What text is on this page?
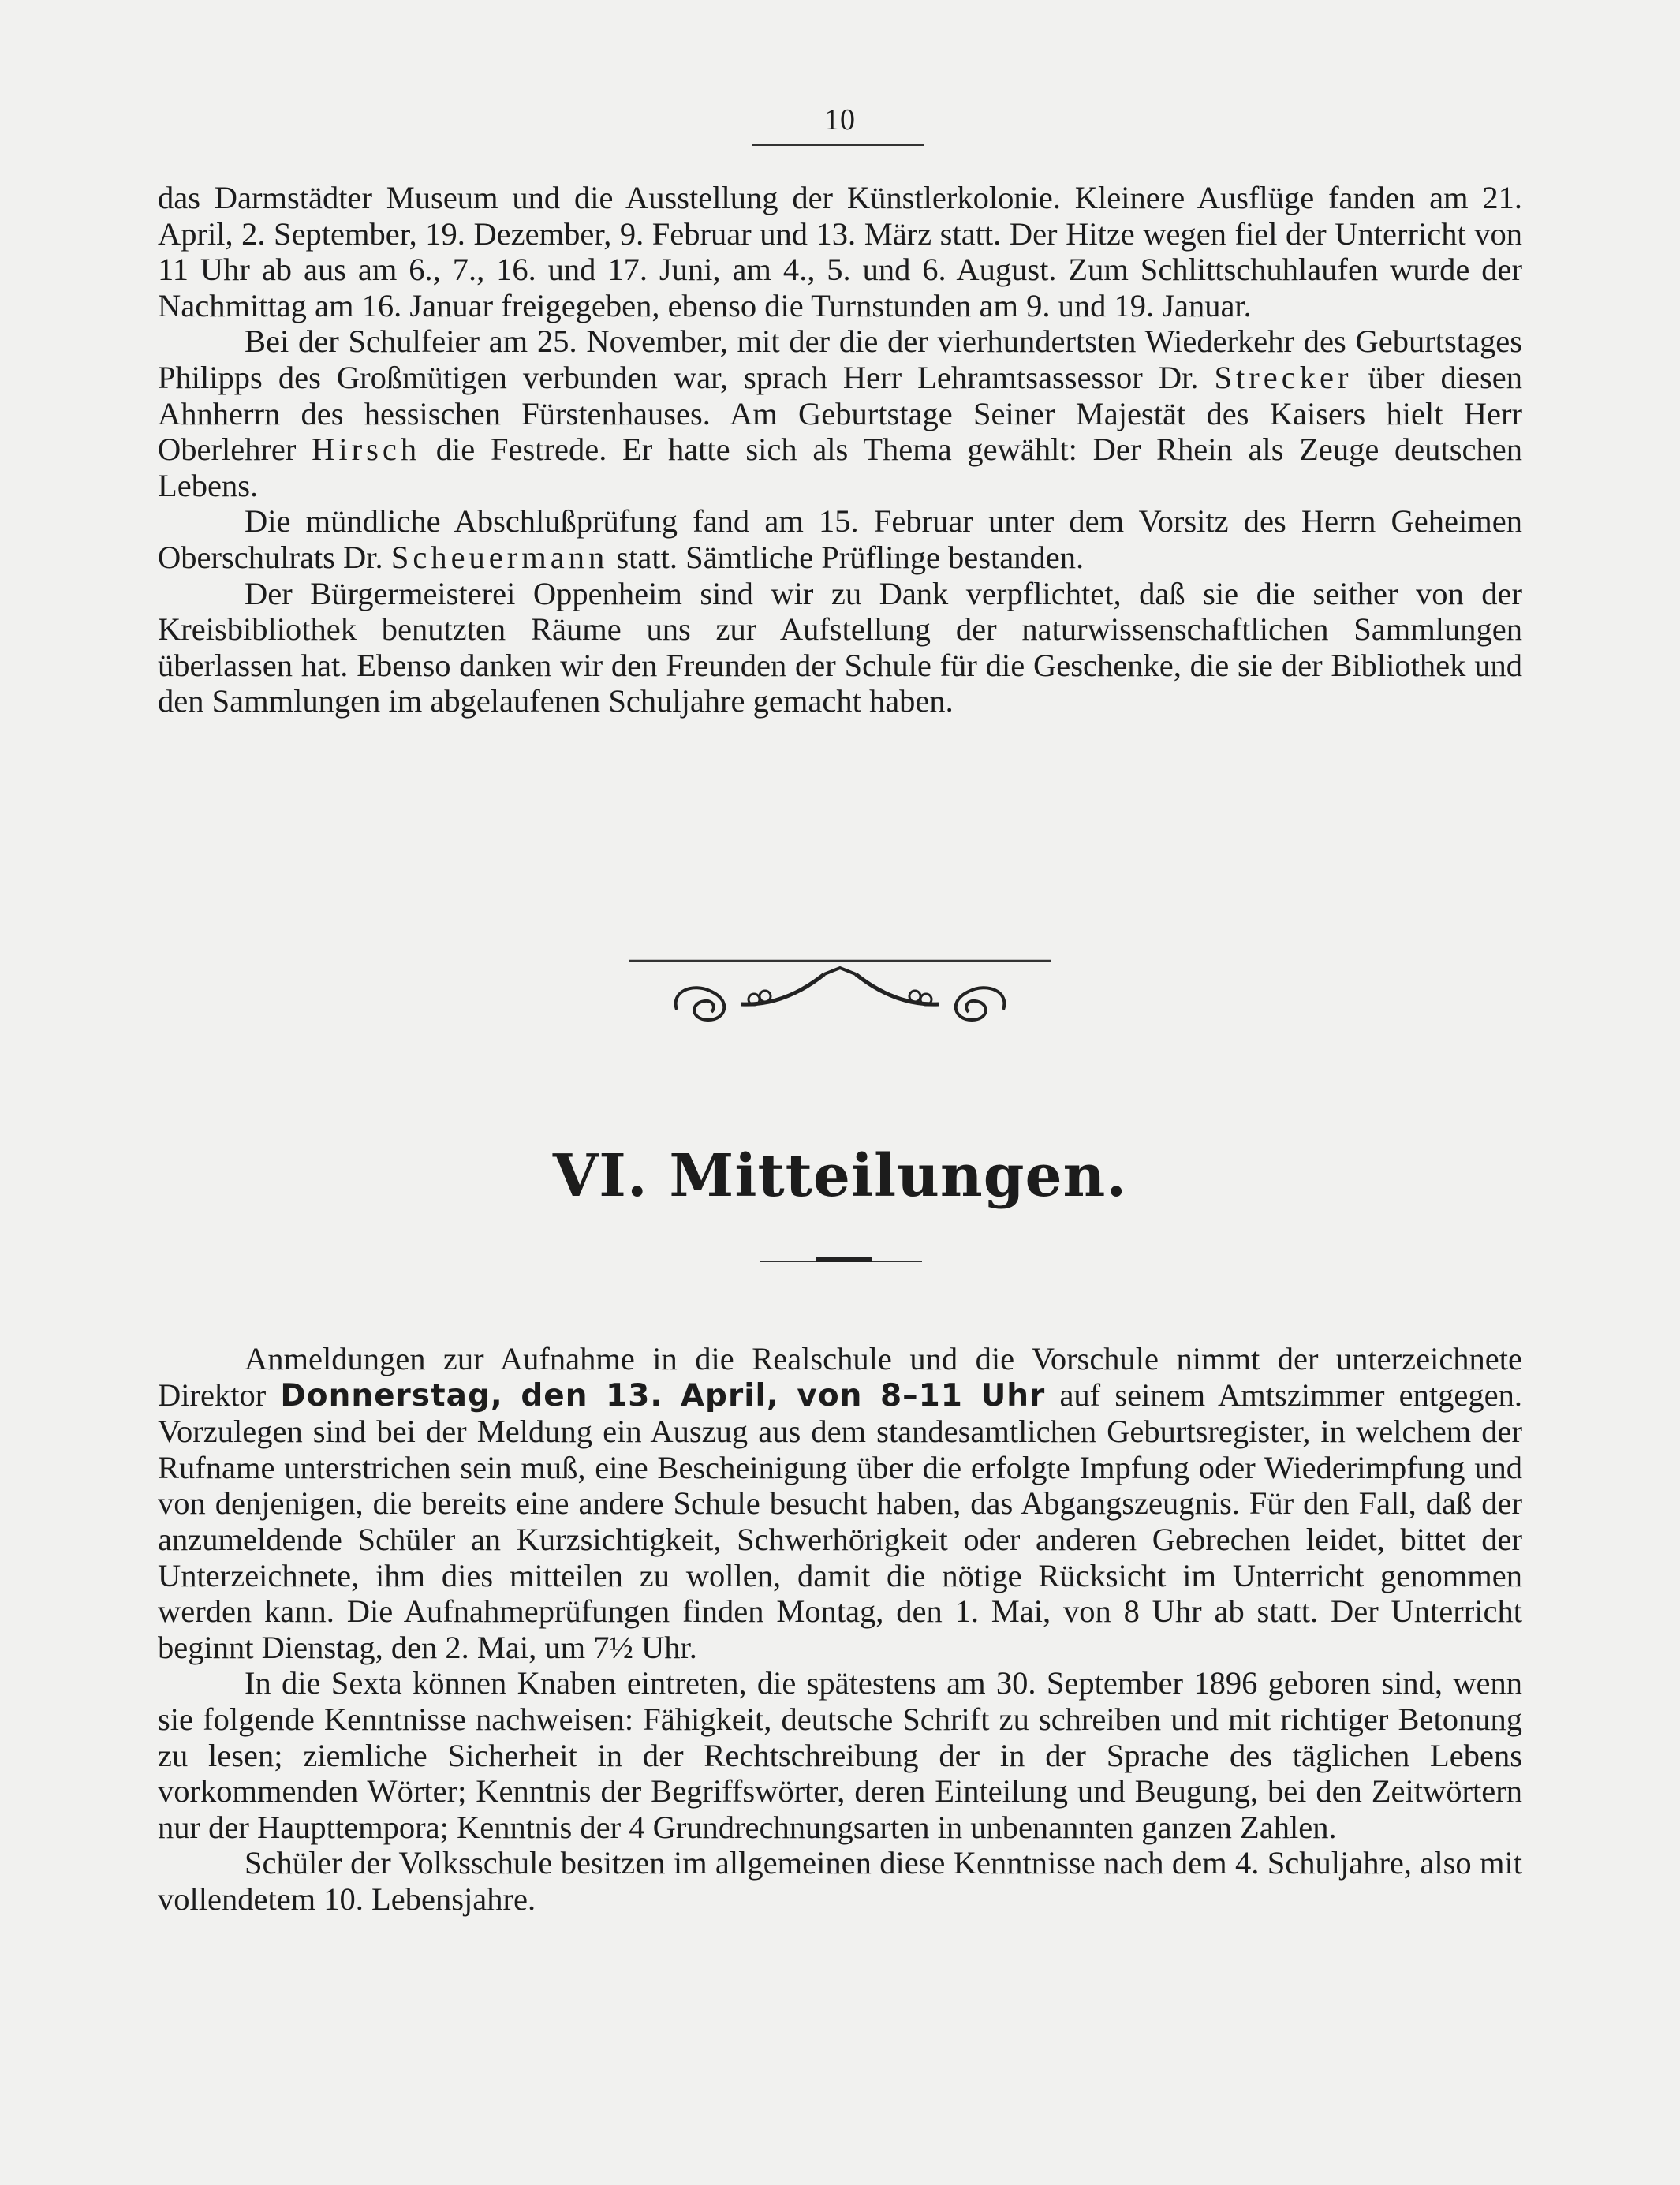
10

das Darmstädter Museum und die Ausstellung der Künstlerkolonie. Kleinere Ausflüge fanden am 21. April, 2. September, 19. Dezember, 9. Februar und 13. März statt. Der Hitze wegen fiel der Unterricht von 11 Uhr ab aus am 6., 7., 16. und 17. Juni, am 4., 5. und 6. August. Zum Schlittschuhlaufen wurde der Nachmittag am 16. Januar freigegeben, ebenso die Turnstunden am 9. und 19. Januar.

Bei der Schulfeier am 25. November, mit der die der vierhundertsten Wiederkehr des Geburtstages Philipps des Großmütigen verbunden war, sprach Herr Lehramtsassessor Dr. Strecker über diesen Ahnherrn des hessischen Fürstenhauses. Am Geburtstage Seiner Majestät des Kaisers hielt Herr Oberlehrer Hirsch die Festrede. Er hatte sich als Thema gewählt: Der Rhein als Zeuge deutschen Lebens.

Die mündliche Abschlußprüfung fand am 15. Februar unter dem Vorsitz des Herrn Geheimen Oberschulrats Dr. Scheuermann statt. Sämtliche Prüflinge bestanden.

Der Bürgermeisterei Oppenheim sind wir zu Dank verpflichtet, daß sie die seither von der Kreisbibliothek benutzten Räume uns zur Aufstellung der naturwissenschaftlichen Sammlungen überlassen hat. Ebenso danken wir den Freunden der Schule für die Geschenke, die sie der Bibliothek und den Sammlungen im abgelaufenen Schuljahre gemacht haben.

VI. Mitteilungen.

Anmeldungen zur Aufnahme in die Realschule und die Vorschule nimmt der unterzeichnete Direktor Donnerstag, den 13. April, von 8–11 Uhr auf seinem Amtszimmer entgegen. Vorzulegen sind bei der Meldung ein Auszug aus dem standesamtlichen Geburtsregister, in welchem der Rufname unterstrichen sein muß, eine Bescheinigung über die erfolgte Impfung oder Wiederimpfung und von denjenigen, die bereits eine andere Schule besucht haben, das Abgangszeugnis. Für den Fall, daß der anzumeldende Schüler an Kurzsichtigkeit, Schwerhörigkeit oder anderen Gebrechen leidet, bittet der Unterzeichnete, ihm dies mitteilen zu wollen, damit die nötige Rücksicht im Unterricht genommen werden kann. Die Aufnahmeprüfungen finden Montag, den 1. Mai, von 8 Uhr ab statt. Der Unterricht beginnt Dienstag, den 2. Mai, um 7½ Uhr.

In die Sexta können Knaben eintreten, die spätestens am 30. September 1896 geboren sind, wenn sie folgende Kenntnisse nachweisen: Fähigkeit, deutsche Schrift zu schreiben und mit richtiger Betonung zu lesen; ziemliche Sicherheit in der Rechtschreibung der in der Sprache des täglichen Lebens vorkommenden Wörter; Kenntnis der Begriffswörter, deren Einteilung und Beugung, bei den Zeitwörtern nur der Haupttempora; Kenntnis der 4 Grundrechnungsarten in unbenannten ganzen Zahlen.

Schüler der Volksschule besitzen im allgemeinen diese Kenntnisse nach dem 4. Schuljahre, also mit vollendetem 10. Lebensjahre.
